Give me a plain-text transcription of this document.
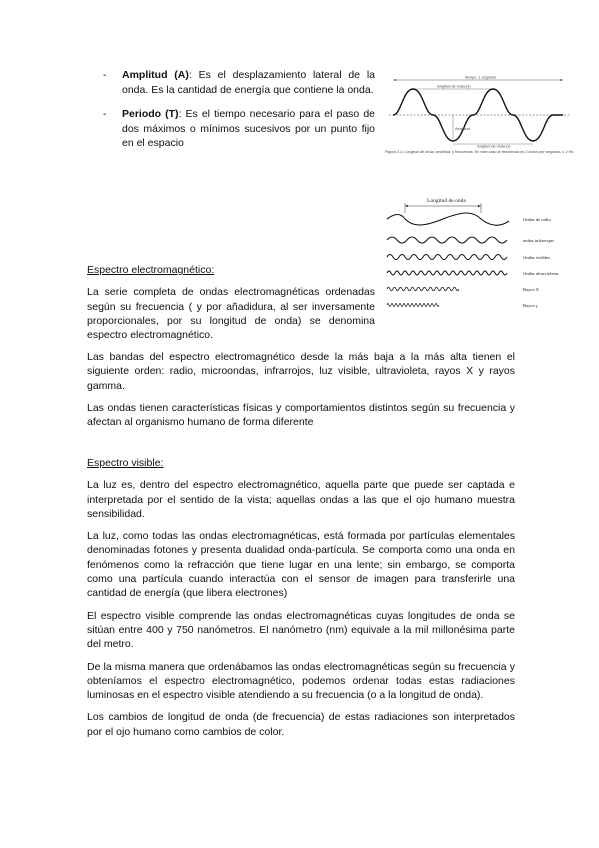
- Amplitud (A): Es el desplazamiento lateral de la onda. Es la cantidad de energía que contiene la onda.
- Periodo (T): Es el tiempo necesario para el paso de dos máximos o mínimos sucesivos por un punto fijo en el espacio
tiempo: 1 segundo
longitud de onda (λ)
Amplitud
longitud de onda (λ)
Figura 2.1: Longitud de onda, amplitud, y frecuencia. En este caso la frecuencia es 2 ciclos por segundo, o 2 Hz.
Longitud de onda
Ondas de radio
ondas infrarrojas
Ondas visibles
Ondas ultravioletas
Rayos X
Rayos γ

Espectro electromagnético:

La serie completa de ondas electromagnéticas ordenadas según su frecuencia ( y por añadidura, al ser inversamente proporcionales, por su longitud de onda) se denomina espectro electromagnético.

Las bandas del espectro electromagnético desde la más baja a la más alta tienen el siguiente orden: radio, microondas, infrarrojos, luz visible, ultravioleta, rayos X y rayos gamma.

Las ondas tienen características físicas y comportamientos distintos según su frecuencia y afectan al organismo humano de forma diferente

Espectro visible:

La luz es, dentro del espectro electromagnético, aquella parte que puede ser captada e interpretada por el sentido de la vista; aquellas ondas a las que el ojo humano muestra sensibilidad.

La luz, como todas las ondas electromagnéticas, está formada por partículas elementales denominadas fotones y presenta dualidad onda-partícula. Se comporta como una onda en fenómenos como la refracción que tiene lugar en una lente; sin embargo, se comporta como una partícula cuando interactúa con el sensor de imagen para transferirle una cantidad de energía (que libera electrones)

El espectro visible comprende las ondas electromagnéticas cuyas longitudes de onda se sitúan entre 400 y 750 nanómetros. El nanómetro (nm) equivale a la mil millonésima parte del metro.

De la misma manera que ordenábamos las ondas electromagnéticas según su frecuencia y obteníamos el espectro electromagnético, podemos ordenar todas estas radiaciones luminosas en el espectro visible atendiendo a su frecuencia (o a la longitud de onda).

Los cambios de longitud de onda (de frecuencia) de estas radiaciones son interpretados por el ojo humano como cambios de color.
